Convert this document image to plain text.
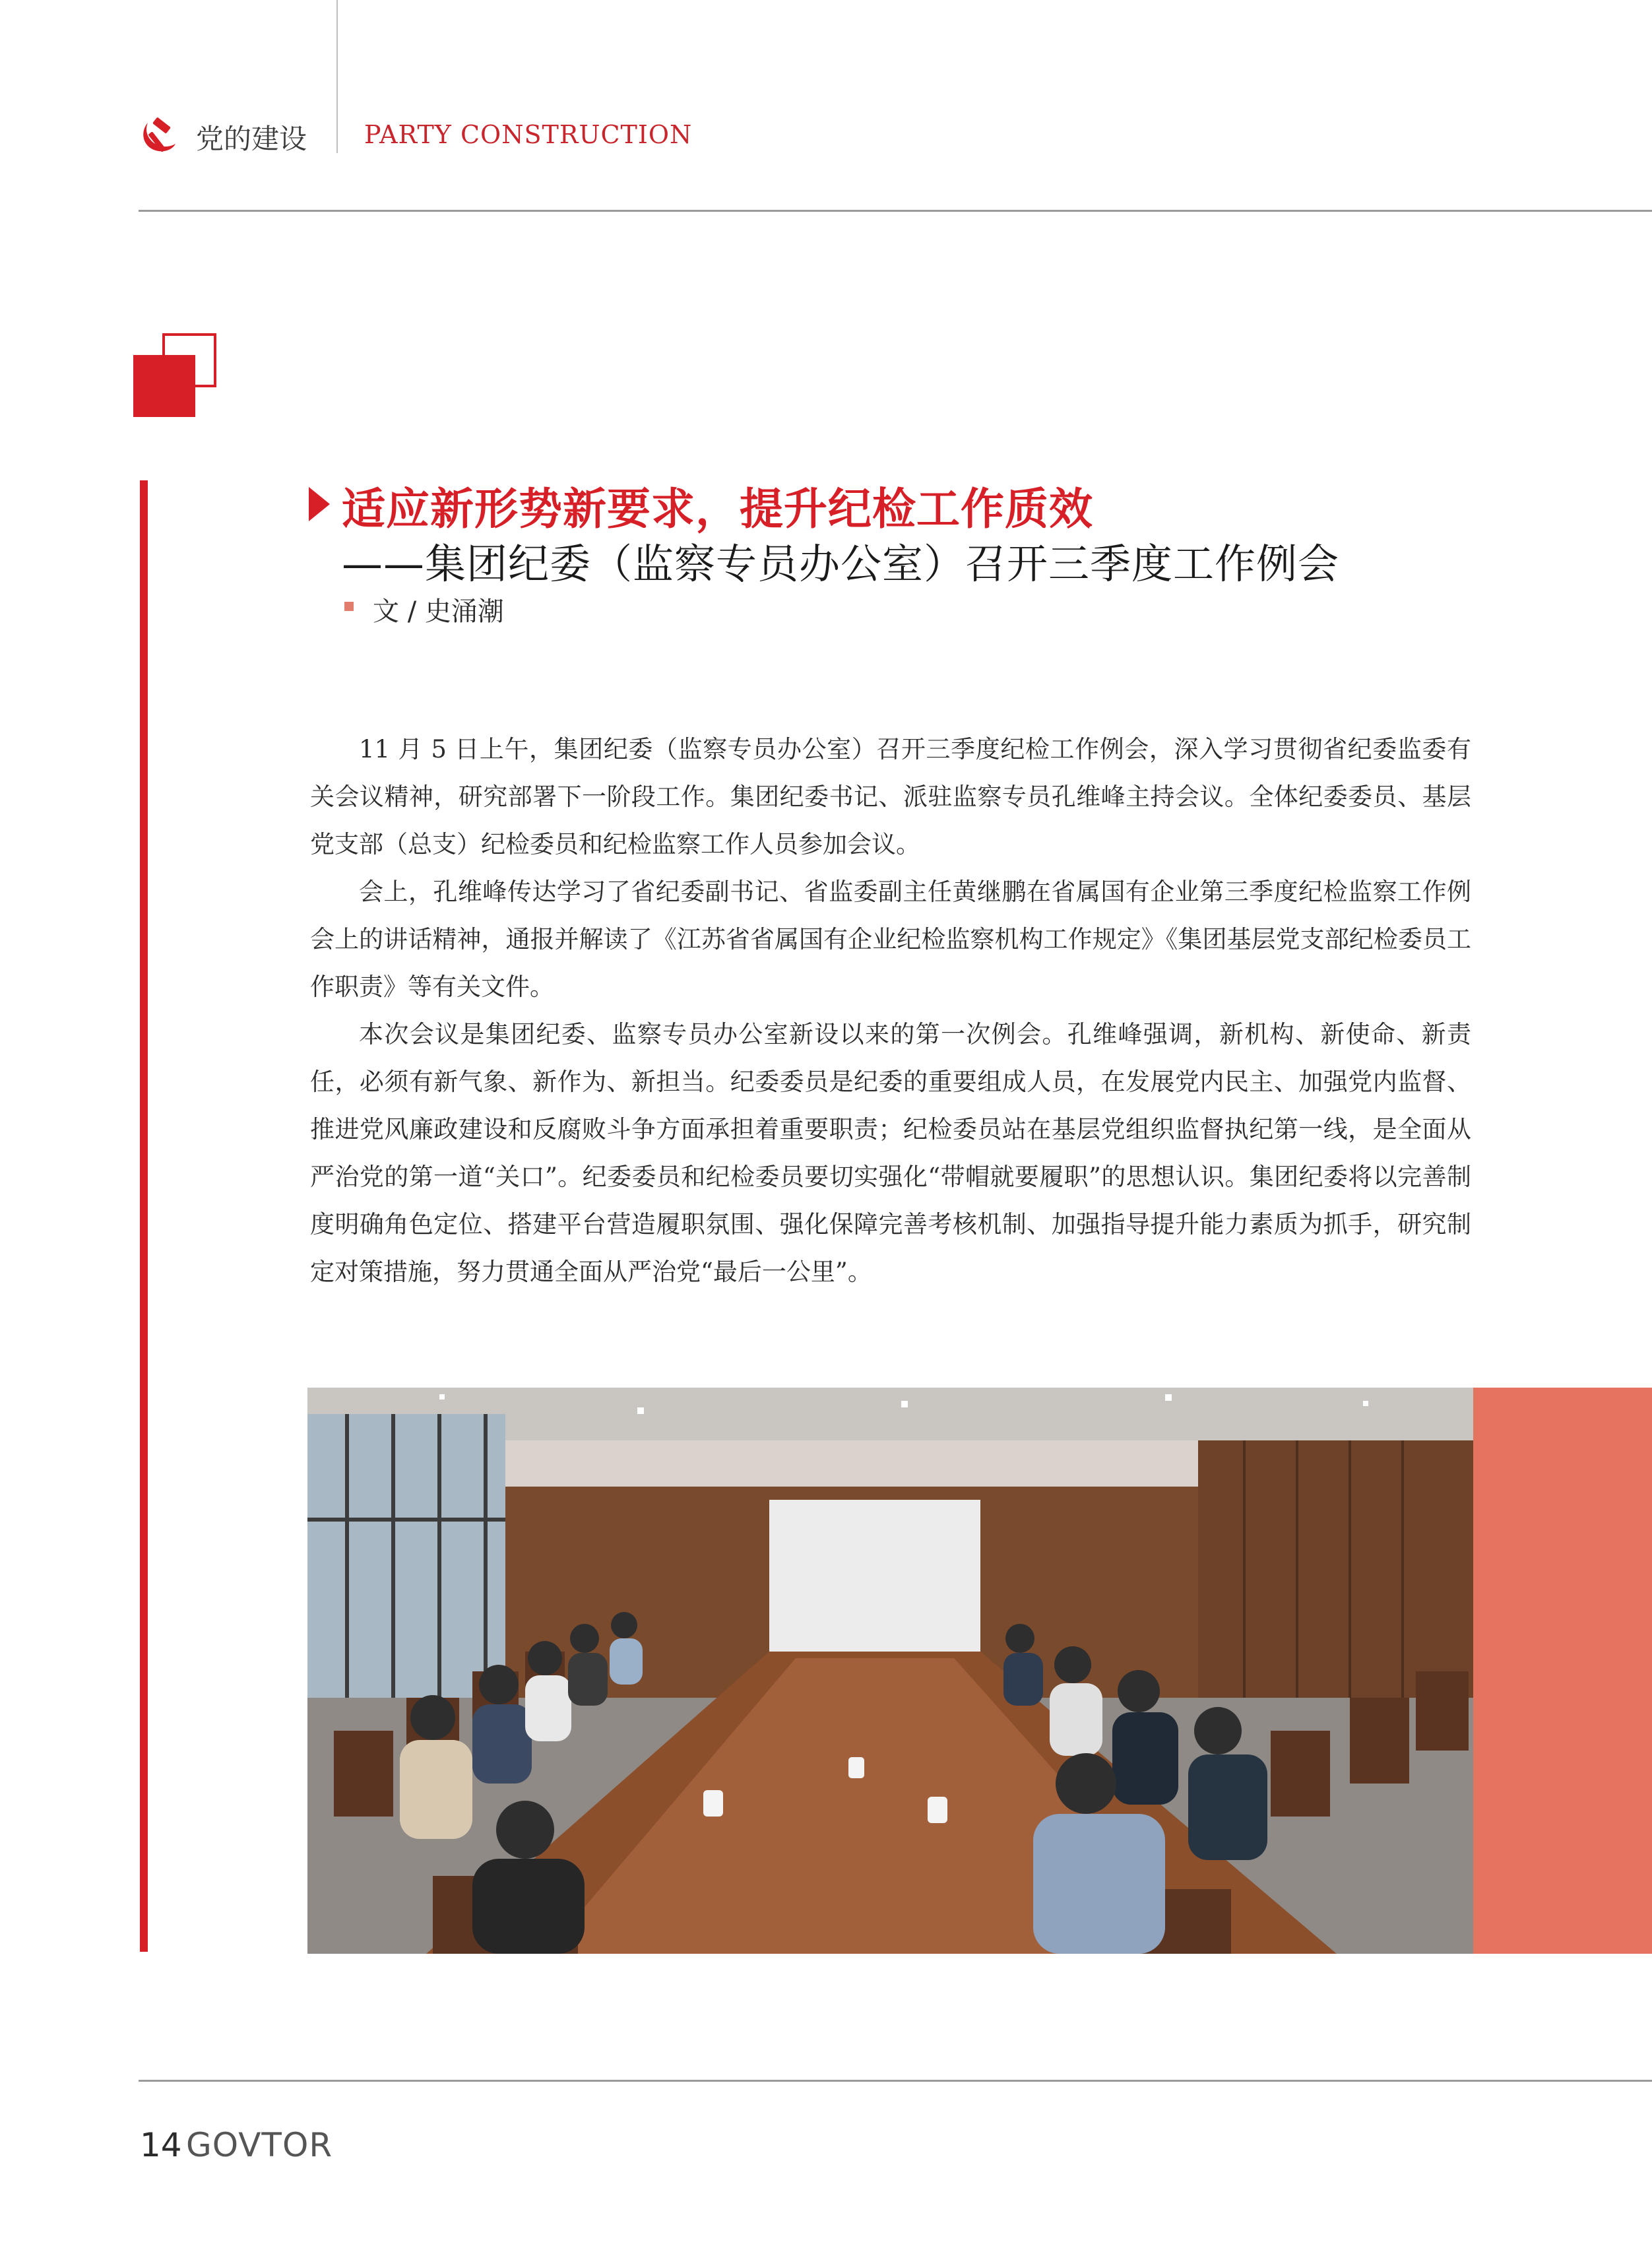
党的建设 PARTY CONSTRUCTION
适应新形势新要求，提升纪检工作质效
——集团纪委（监察专员办公室）召开三季度工作例会
文 / 史涌潮

11 月 5 日上午，集团纪委（监察专员办公室）召开三季度纪检工作例会，深入学习贯彻省纪委监委有关会议精神，研究部署下一阶段工作。集团纪委书记、派驻监察专员孔维峰主持会议。全体纪委委员、基层党支部（总支）纪检委员和纪检监察工作人员参加会议。

会上，孔维峰传达学习了省纪委副书记、省监委副主任黄继鹏在省属国有企业第三季度纪检监察工作例会上的讲话精神，通报并解读了《江苏省省属国有企业纪检监察机构工作规定》《集团基层党支部纪检委员工作职责》等有关文件。

本次会议是集团纪委、监察专员办公室新设以来的第一次例会。孔维峰强调，新机构、新使命、新责任，必须有新气象、新作为、新担当。纪委委员是纪委的重要组成人员，在发展党内民主、加强党内监督、推进党风廉政建设和反腐败斗争方面承担着重要职责；纪检委员站在基层党组织监督执纪第一线，是全面从严治党的第一道“关口”。纪委委员和纪检委员要切实强化“带帽就要履职”的思想认识。集团纪委将以完善制度明确角色定位、搭建平台营造履职氛围、强化保障完善考核机制、加强指导提升能力素质为抓手，研究制定对策措施，努力贯通全面从严治党“最后一公里”。

14 GOVTOR
